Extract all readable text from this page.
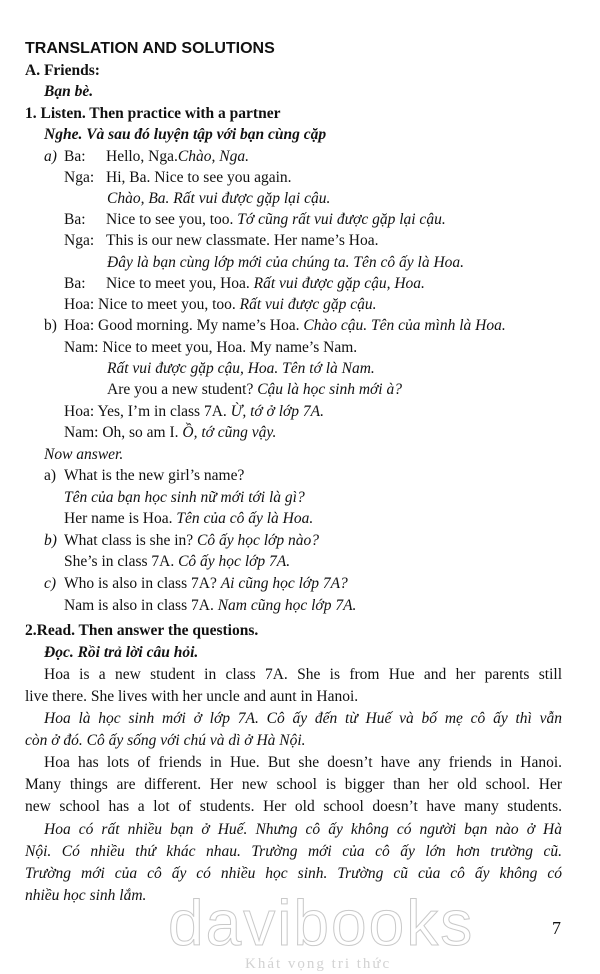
TRANSLATION AND SOLUTIONS
A. Friends:
Bạn bè.
1. Listen. Then practice with a partner
Nghe. Và sau đó luyện tập với bạn cùng cặp
a) Ba: Hello, Nga.Chào, Nga.
Nga: Hi, Ba. Nice to see you again.
Chào, Ba. Rất vui được gặp lại cậu.
Ba: Nice to see you, too. Tớ cũng rất vui được gặp lại cậu.
Nga: This is our new classmate. Her name’s Hoa.
Đây là bạn cùng lớp mới của chúng ta. Tên cô ấy là Hoa.
Ba: Nice to meet you, Hoa. Rất vui được gặp cậu, Hoa.
Hoa: Nice to meet you, too. Rất vui được gặp cậu.
b) Hoa: Good morning. My name’s Hoa. Chào cậu. Tên của mình là Hoa.
Nam: Nice to meet you, Hoa. My name’s Nam.
Rất vui được gặp cậu, Hoa. Tên tớ là Nam.
Are you a new student? Cậu là học sinh mới à?
Hoa: Yes, I’m in class 7A. Ừ, tớ ở lớp 7A.
Nam: Oh, so am I. Ồ, tớ cũng vậy.
Now answer.
a) What is the new girl’s name?
Tên của bạn học sinh nữ mới tới là gì?
Her name is Hoa. Tên của cô ấy là Hoa.
b) What class is she in? Cô ấy học lớp nào?
She’s in class 7A. Cô ấy học lớp 7A.
c) Who is also in class 7A? Ai cũng học lớp 7A?
Nam is also in class 7A. Nam cũng học lớp 7A.
2.Read. Then answer the questions.
Đọc. Rồi trả lời câu hỏi.
Hoa is a new student in class 7A. She is from Hue and her parents still
live there. She lives with her uncle and aunt in Hanoi.
Hoa là học sinh mới ở lớp 7A. Cô ấy đến từ Huế và bố mẹ cô ấy thì vẫn
còn ở đó. Cô ấy sống với chú và dì ở Hà Nội.
Hoa has lots of friends in Hue. But she doesn’t have any friends in Hanoi.
Many things are different. Her new school is bigger than her old school. Her
new school has a lot of students. Her old school doesn’t have many students.
Hoa có rất nhiều bạn ở Huế. Nhưng cô ấy không có người bạn nào ở Hà
Nội. Có nhiều thứ khác nhau. Trường mới của cô ấy lớn hơn trường cũ.
Trường mới của cô ấy có nhiều học sinh. Trường cũ của cô ấy không có
nhiều học sinh lắm. davibooks
Khát vọng tri thức
7
